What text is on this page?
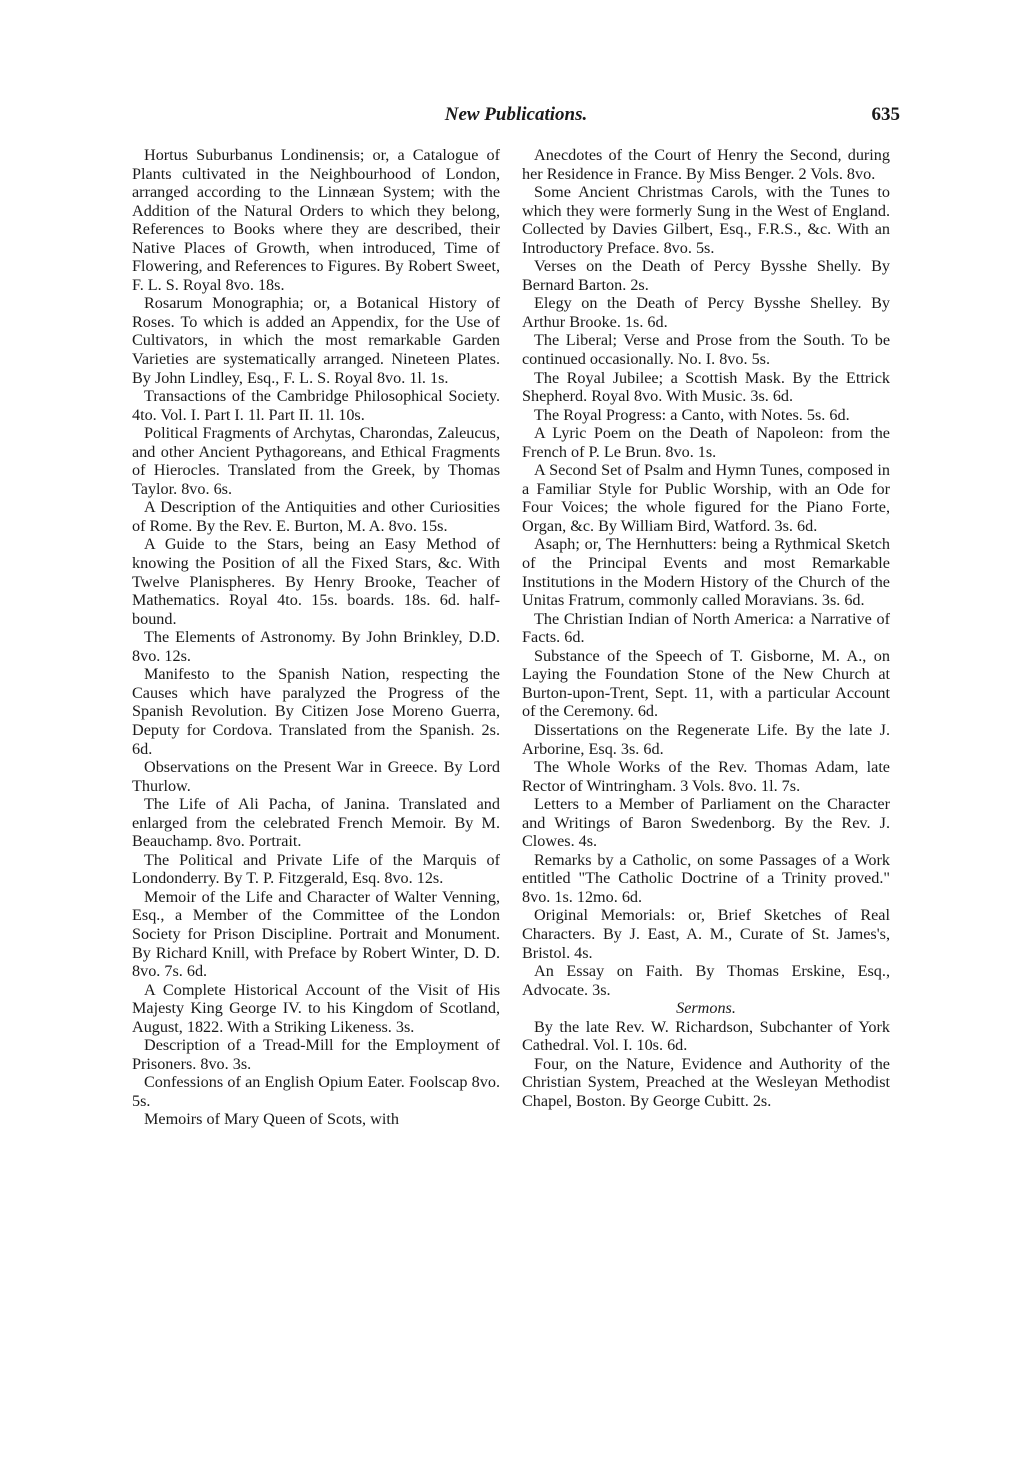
New Publications.	635

Hortus Suburbanus Londinensis; or, a Catalogue of Plants cultivated in the Neighbourhood of London, arranged according to the Linnæan System; with the Addition of the Natural Orders to which they belong, References to Books where they are described, their Native Places of Growth, when introduced, Time of Flowering, and References to Figures. By Robert Sweet, F. L. S. Royal 8vo. 18s.

Rosarum Monographia; or, a Botanical History of Roses. To which is added an Appendix, for the Use of Cultivators, in which the most remarkable Garden Varieties are systematically arranged. Nineteen Plates. By John Lindley, Esq., F. L. S. Royal 8vo. 1l. 1s.

Transactions of the Cambridge Philosophical Society. 4to. Vol. I. Part I. 1l. Part II. 1l. 10s.

Political Fragments of Archytas, Charondas, Zaleucus, and other Ancient Pythagoreans, and Ethical Fragments of Hierocles. Translated from the Greek, by Thomas Taylor. 8vo. 6s.

A Description of the Antiquities and other Curiosities of Rome. By the Rev. E. Burton, M. A. 8vo. 15s.

A Guide to the Stars, being an Easy Method of knowing the Position of all the Fixed Stars, &c. With Twelve Planispheres. By Henry Brooke, Teacher of Mathematics. Royal 4to. 15s. boards. 18s. 6d. half-bound.

The Elements of Astronomy. By John Brinkley, D.D. 8vo. 12s.

Manifesto to the Spanish Nation, respecting the Causes which have paralyzed the Progress of the Spanish Revolution. By Citizen Jose Moreno Guerra, Deputy for Cordova. Translated from the Spanish. 2s. 6d.

Observations on the Present War in Greece. By Lord Thurlow.

The Life of Ali Pacha, of Janina. Translated and enlarged from the celebrated French Memoir. By M. Beauchamp. 8vo. Portrait.

The Political and Private Life of the Marquis of Londonderry. By T. P. Fitzgerald, Esq. 8vo. 12s.

Memoir of the Life and Character of Walter Venning, Esq., a Member of the Committee of the London Society for Prison Discipline. Portrait and Monument. By Richard Knill, with Preface by Robert Winter, D. D. 8vo. 7s. 6d.

A Complete Historical Account of the Visit of His Majesty King George IV. to his Kingdom of Scotland, August, 1822. With a Striking Likeness. 3s.

Description of a Tread-Mill for the Employment of Prisoners. 8vo. 3s.

Confessions of an English Opium Eater. Foolscap 8vo. 5s.

Memoirs of Mary Queen of Scots, with

Anecdotes of the Court of Henry the Second, during her Residence in France. By Miss Benger. 2 Vols. 8vo.

Some Ancient Christmas Carols, with the Tunes to which they were formerly Sung in the West of England. Collected by Davies Gilbert, Esq., F.R.S., &c. With an Introductory Preface. 8vo. 5s.

Verses on the Death of Percy Bysshe Shelly. By Bernard Barton. 2s.

Elegy on the Death of Percy Bysshe Shelley. By Arthur Brooke. 1s. 6d.

The Liberal; Verse and Prose from the South. To be continued occasionally. No. I. 8vo. 5s.

The Royal Jubilee; a Scottish Mask. By the Ettrick Shepherd. Royal 8vo. With Music. 3s. 6d.

The Royal Progress: a Canto, with Notes. 5s. 6d.

A Lyric Poem on the Death of Napoleon: from the French of P. Le Brun. 8vo. 1s.

A Second Set of Psalm and Hymn Tunes, composed in a Familiar Style for Public Worship, with an Ode for Four Voices; the whole figured for the Piano Forte, Organ, &c. By William Bird, Watford. 3s. 6d.

Asaph; or, The Hernhutters: being a Rythmical Sketch of the Principal Events and most Remarkable Institutions in the Modern History of the Church of the Unitas Fratrum, commonly called Moravians. 3s. 6d.

The Christian Indian of North America: a Narrative of Facts. 6d.

Substance of the Speech of T. Gisborne, M. A., on Laying the Foundation Stone of the New Church at Burton-upon-Trent, Sept. 11, with a particular Account of the Ceremony. 6d.

Dissertations on the Regenerate Life. By the late J. Arborine, Esq. 3s. 6d.

The Whole Works of the Rev. Thomas Adam, late Rector of Wintringham. 3 Vols. 8vo. 1l. 7s.

Letters to a Member of Parliament on the Character and Writings of Baron Swedenborg. By the Rev. J. Clowes. 4s.

Remarks by a Catholic, on some Passages of a Work entitled "The Catholic Doctrine of a Trinity proved." 8vo. 1s. 12mo. 6d.

Original Memorials: or, Brief Sketches of Real Characters. By J. East, A. M., Curate of St. James's, Bristol. 4s.

An Essay on Faith. By Thomas Erskine, Esq., Advocate. 3s.

Sermons.

By the late Rev. W. Richardson, Subchanter of York Cathedral. Vol. I. 10s. 6d.

Four, on the Nature, Evidence and Authority of the Christian System, Preached at the Wesleyan Methodist Chapel, Boston. By George Cubitt. 2s.
